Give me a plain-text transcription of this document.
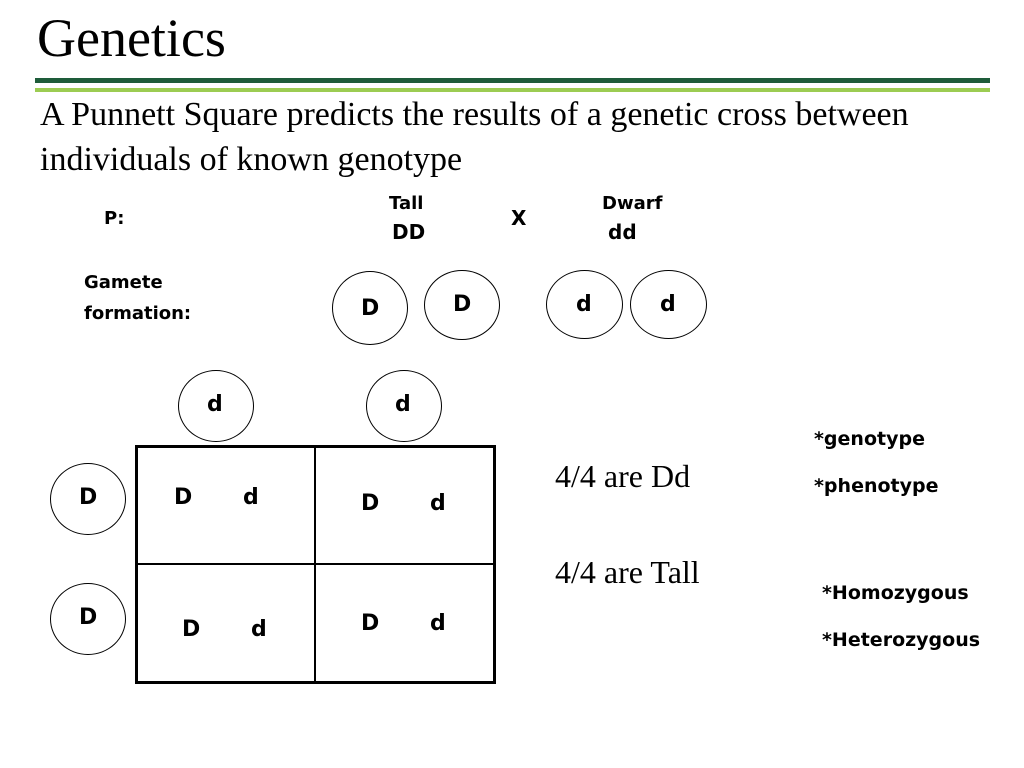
Genetics
A Punnett Square predicts the results of a genetic cross between individuals of known genotype
P:
Tall
DD
X
Dwarf
dd
Gamete
formation:	D	D	d	d
d	d
D
D
D d	D d
D d	D d
4/4 are Dd
4/4 are Tall
*genotype
*phenotype
*Homozygous
*Heterozygous
